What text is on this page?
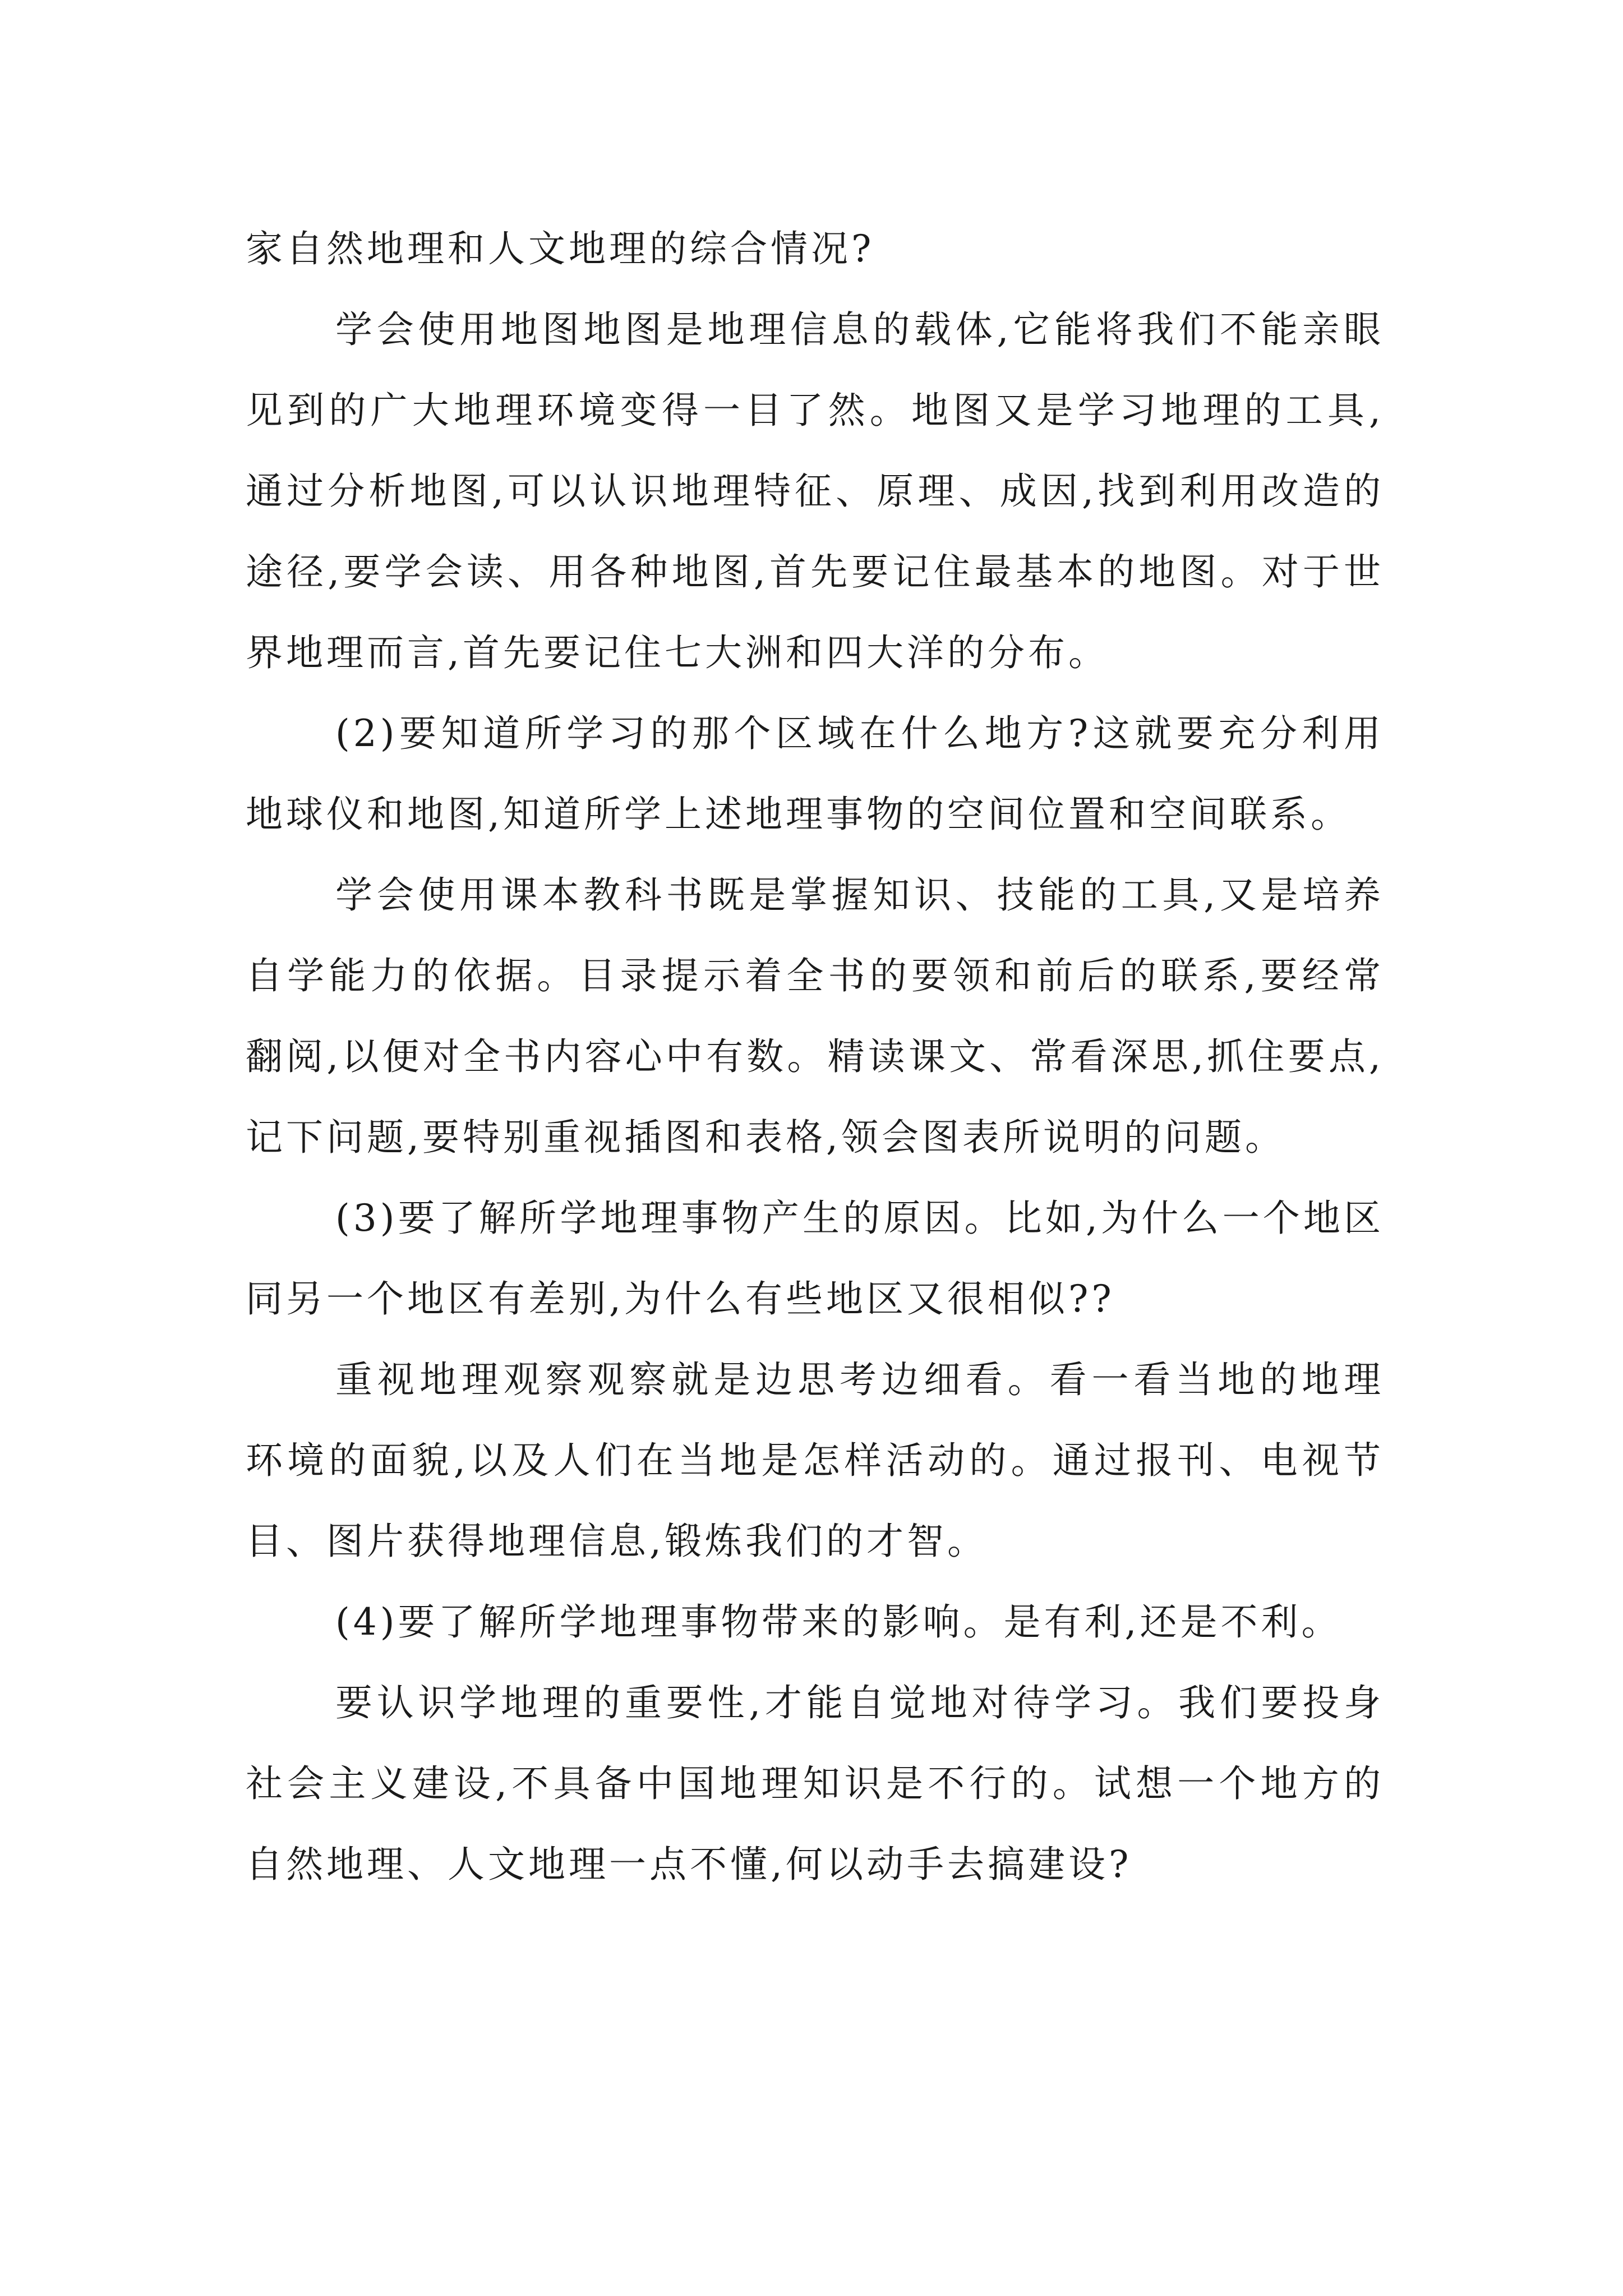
家自然地理和人文地理的综合情况?

学会使用地图地图是地理信息的载体,它能将我们不能亲眼见到的广大地理环境变得一目了然。地图又是学习地理的工具,通过分析地图,可以认识地理特征、原理、成因,找到利用改造的途径,要学会读、用各种地图,首先要记住最基本的地图。对于世界地理而言,首先要记住七大洲和四大洋的分布。

(2)要知道所学习的那个区域在什么地方?这就要充分利用地球仪和地图,知道所学上述地理事物的空间位置和空间联系。

学会使用课本教科书既是掌握知识、技能的工具,又是培养自学能力的依据。目录提示着全书的要领和前后的联系,要经常翻阅,以便对全书内容心中有数。精读课文、常看深思,抓住要点,记下问题,要特别重视插图和表格,领会图表所说明的问题。

(3)要了解所学地理事物产生的原因。比如,为什么一个地区同另一个地区有差别,为什么有些地区又很相似??

重视地理观察观察就是边思考边细看。看一看当地的地理环境的面貌,以及人们在当地是怎样活动的。通过报刊、电视节目、图片获得地理信息,锻炼我们的才智。

(4)要了解所学地理事物带来的影响。是有利,还是不利。

要认识学地理的重要性,才能自觉地对待学习。我们要投身社会主义建设,不具备中国地理知识是不行的。试想一个地方的自然地理、人文地理一点不懂,何以动手去搞建设?
